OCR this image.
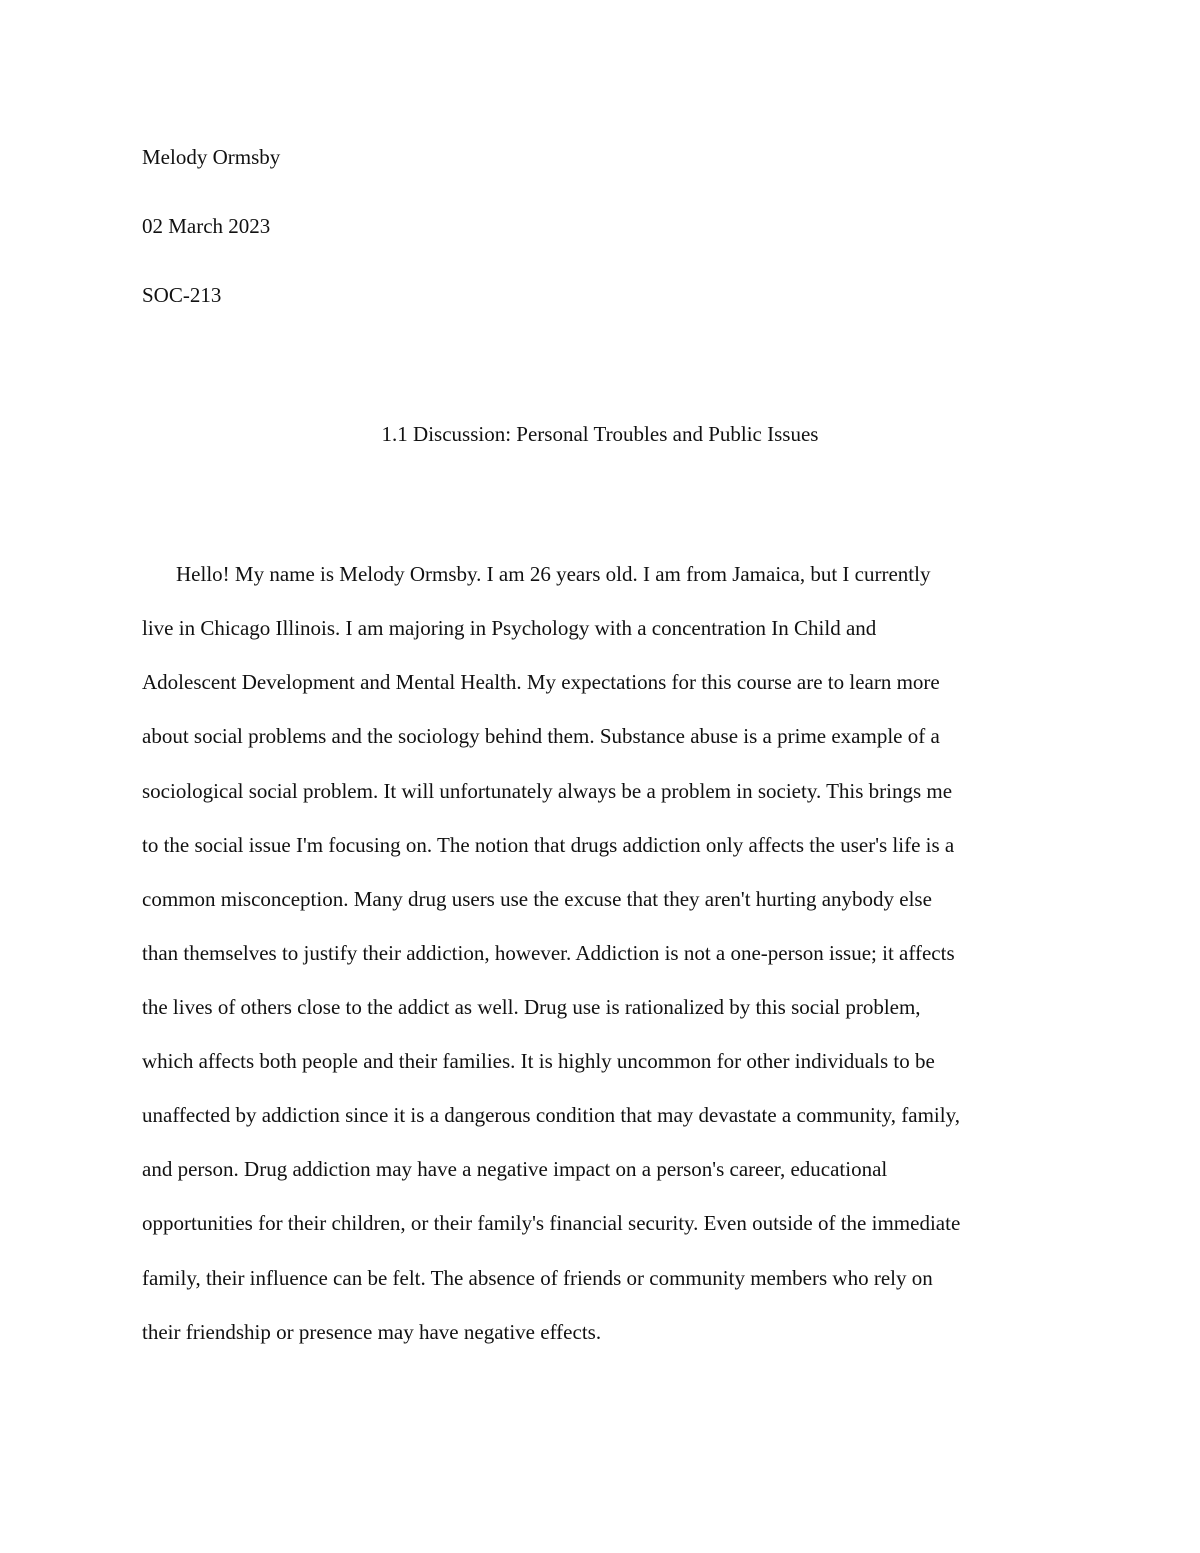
Melody Ormsby
02 March 2023
SOC-213
1.1 Discussion: Personal Troubles and Public Issues
Hello! My name is Melody Ormsby. I am 26 years old. I am from Jamaica, but I currently
live in Chicago Illinois. I am majoring in Psychology with a concentration In Child and
Adolescent Development and Mental Health. My expectations for this course are to learn more
about social problems and the sociology behind them. Substance abuse is a prime example of a
sociological social problem. It will unfortunately always be a problem in society. This brings me
to the social issue I'm focusing on. The notion that drugs addiction only affects the user's life is a
common misconception. Many drug users use the excuse that they aren't hurting anybody else
than themselves to justify their addiction, however. Addiction is not a one-person issue; it affects
the lives of others close to the addict as well. Drug use is rationalized by this social problem,
which affects both people and their families. It is highly uncommon for other individuals to be
unaffected by addiction since it is a dangerous condition that may devastate a community, family,
and person. Drug addiction may have a negative impact on a person's career, educational
opportunities for their children, or their family's financial security. Even outside of the immediate
family, their influence can be felt. The absence of friends or community members who rely on
their friendship or presence may have negative effects.
